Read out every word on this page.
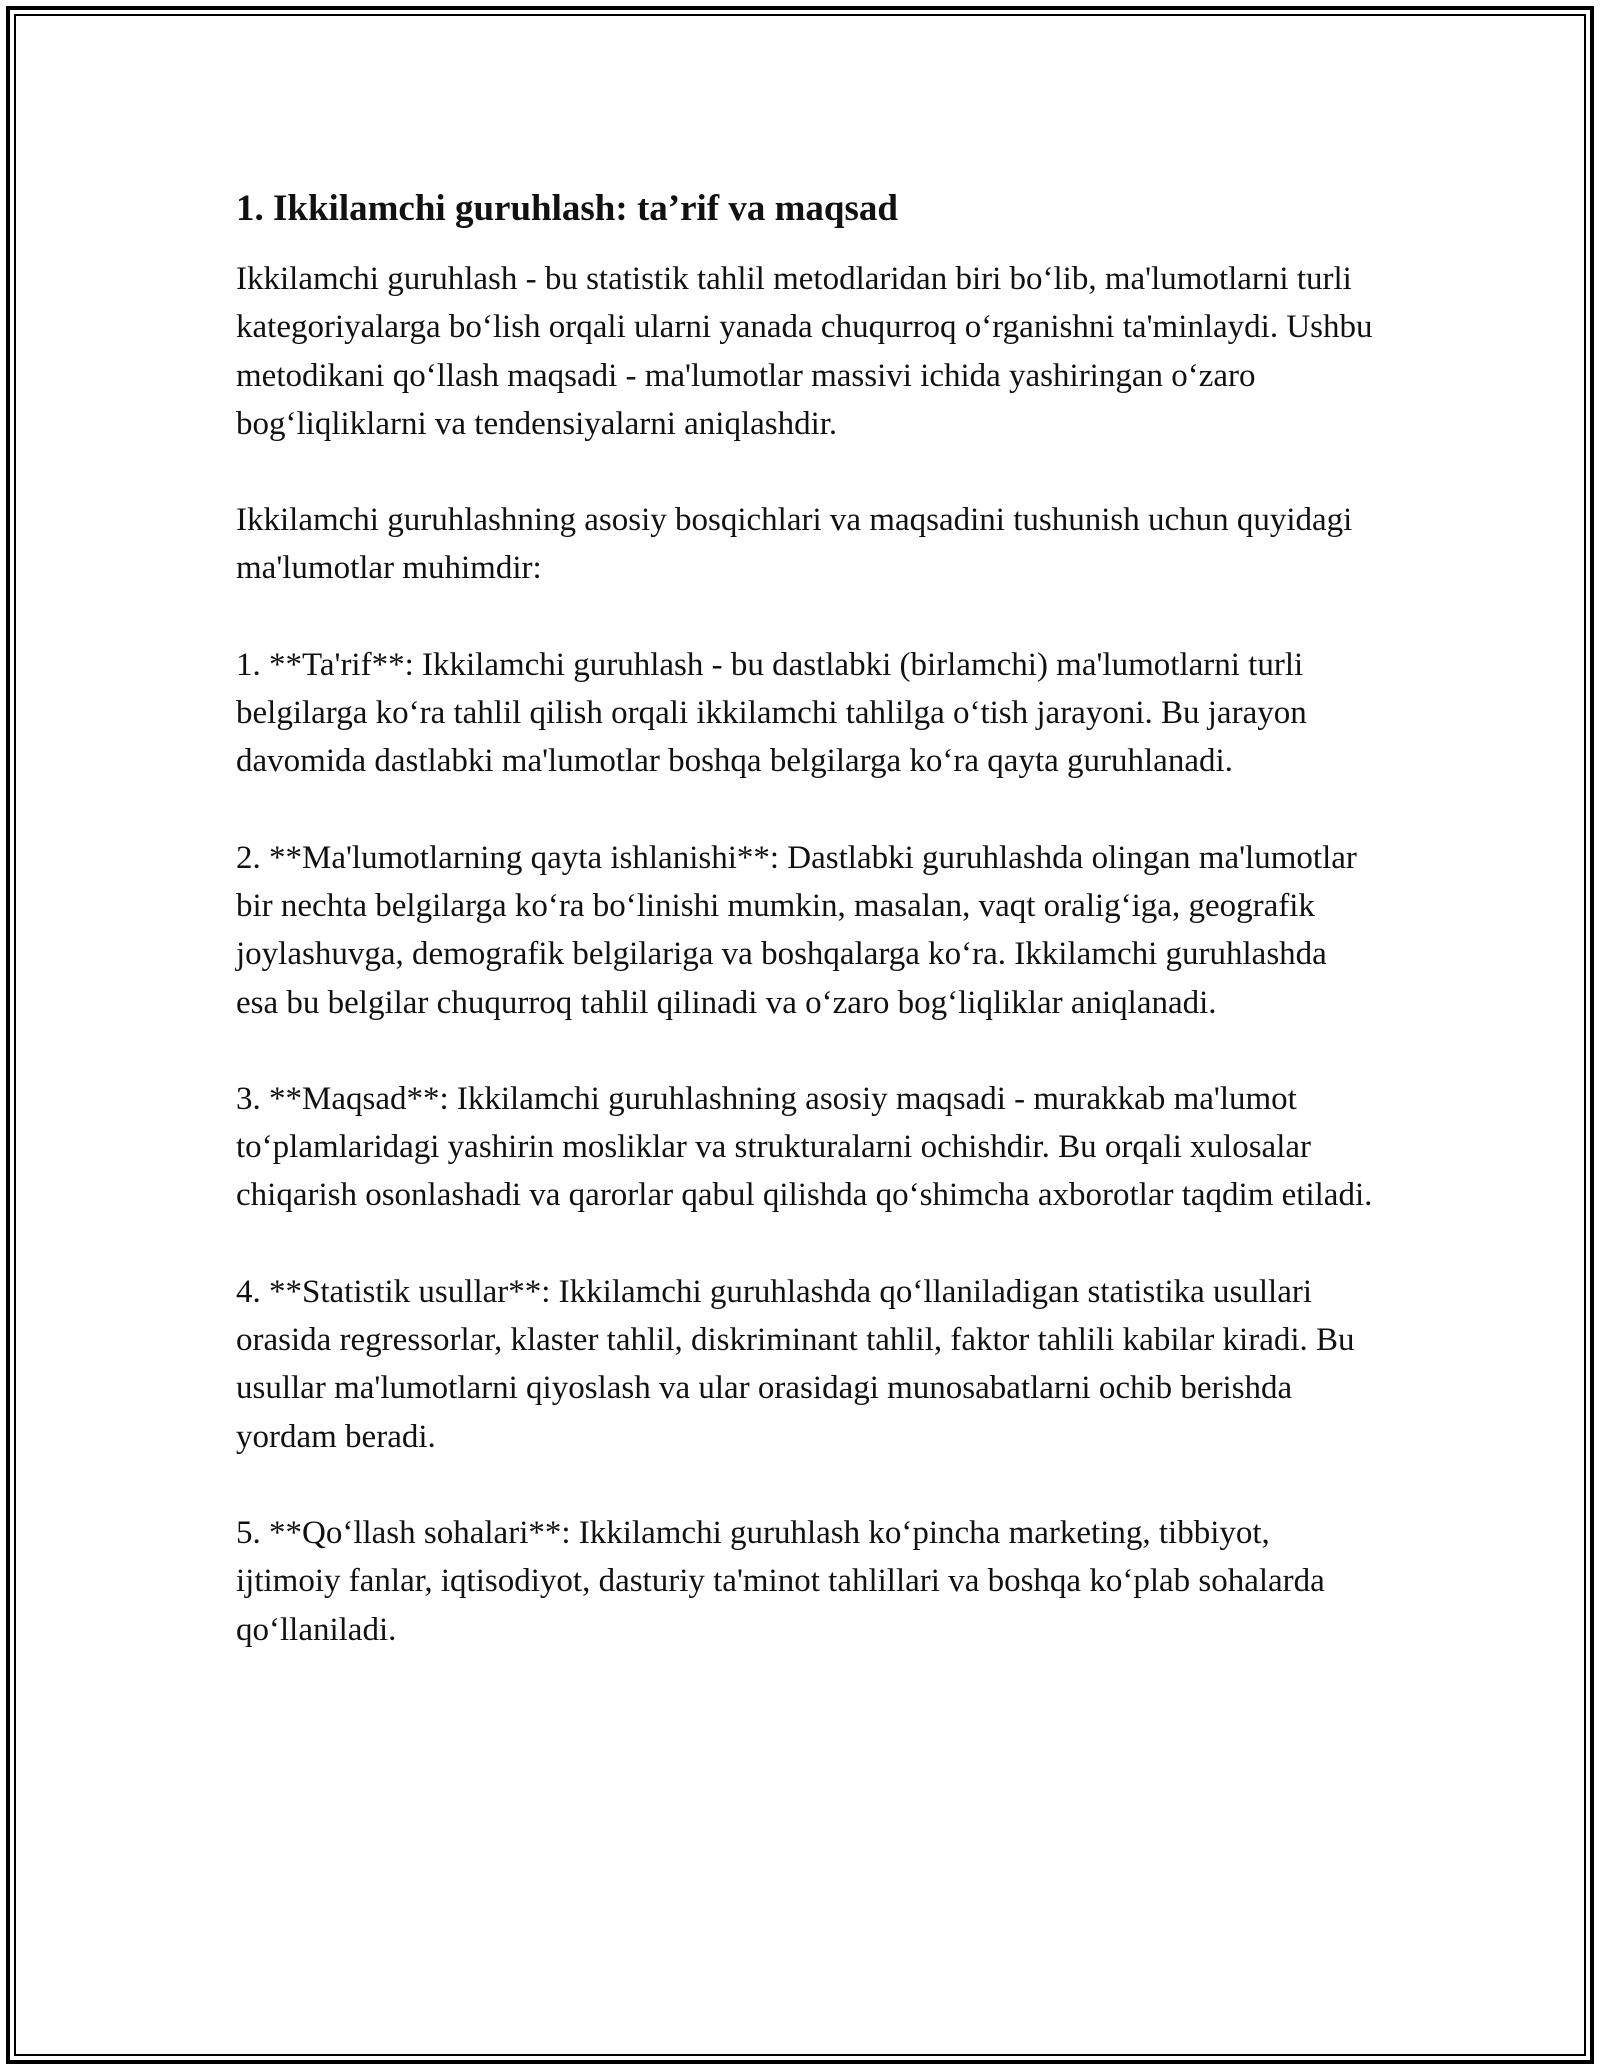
1. Ikkilamchi guruhlash: ta’rif va maqsad

Ikkilamchi guruhlash - bu statistik tahlil metodlaridan biri bo‘lib, ma'lumotlarni turli kategoriyalarga bo‘lish orqali ularni yanada chuqurroq o‘rganishni ta'minlaydi. Ushbu metodikani qo‘llash maqsadi - ma'lumotlar massivi ichida yashiringan o‘zaro bog‘liqliklarni va tendensiyalarni aniqlashdir.

Ikkilamchi guruhlashning asosiy bosqichlari va maqsadini tushunish uchun quyidagi ma'lumotlar muhimdir:

1. **Ta'rif**: Ikkilamchi guruhlash - bu dastlabki (birlamchi) ma'lumotlarni turli belgilarga ko‘ra tahlil qilish orqali ikkilamchi tahlilga o‘tish jarayoni. Bu jarayon davomida dastlabki ma'lumotlar boshqa belgilarga ko‘ra qayta guruhlanadi.

2. **Ma'lumotlarning qayta ishlanishi**: Dastlabki guruhlashda olingan ma'lumotlar bir nechta belgilarga ko‘ra bo‘linishi mumkin, masalan, vaqt oralig‘iga, geografik joylashuvga, demografik belgilariga va boshqalarga ko‘ra. Ikkilamchi guruhlashda esa bu belgilar chuqurroq tahlil qilinadi va o‘zaro bog‘liqliklar aniqlanadi.

3. **Maqsad**: Ikkilamchi guruhlashning asosiy maqsadi - murakkab ma'lumot to‘plamlaridagi yashirin mosliklar va strukturalarni ochishdir. Bu orqali xulosalar chiqarish osonlashadi va qarorlar qabul qilishda qo‘shimcha axborotlar taqdim etiladi.

4. **Statistik usullar**: Ikkilamchi guruhlashda qo‘llaniladigan statistika usullari orasida regressorlar, klaster tahlil, diskriminant tahlil, faktor tahlili kabilar kiradi. Bu usullar ma'lumotlarni qiyoslash va ular orasidagi munosabatlarni ochib berishda yordam beradi.

5. **Qo‘llash sohalari**: Ikkilamchi guruhlash ko‘pincha marketing, tibbiyot, ijtimoiy fanlar, iqtisodiyot, dasturiy ta'minot tahlillari va boshqa ko‘plab sohalarda qo‘llaniladi.
